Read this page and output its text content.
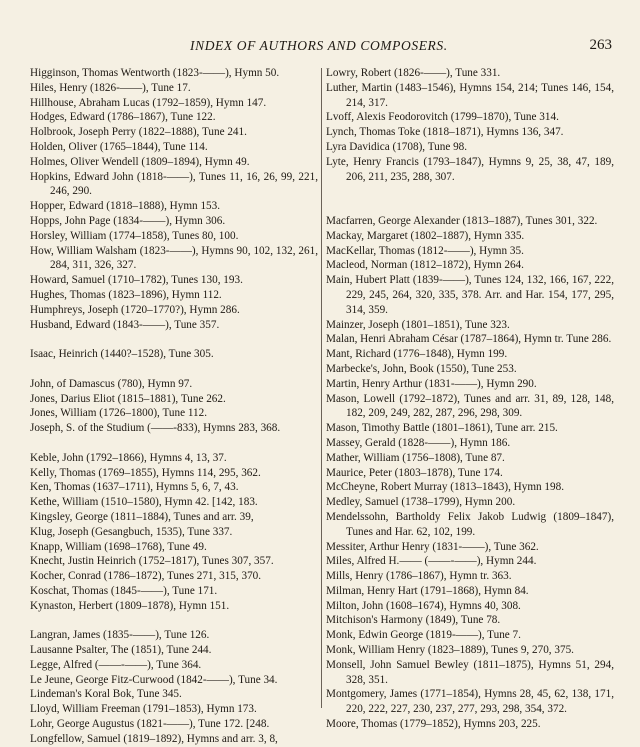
INDEX OF AUTHORS AND COMPOSERS.	263
Higginson, Thomas Wentworth (1823-——), Hymn 50.
Hiles, Henry (1826-——), Tune 17.
Hillhouse, Abraham Lucas (1792–1859), Hymn 147.
Hodges, Edward (1786–1867), Tune 122.
Holbrook, Joseph Perry (1822–1888), Tune 241.
Holden, Oliver (1765–1844), Tune 114.
Holmes, Oliver Wendell (1809–1894), Hymn 49.
Hopkins, Edward John (1818-——), Tunes 11, 16, 26, 99, 221, 246, 290.
Hopper, Edward (1818–1888), Hymn 153.
Hopps, John Page (1834-——), Hymn 306.
Horsley, William (1774–1858), Tunes 80, 100.
How, William Walsham (1823-——), Hymns 90, 102, 132, 261, 284, 311, 326, 327.
Howard, Samuel (1710–1782), Tunes 130, 193.
Hughes, Thomas (1823–1896), Hymn 112.
Humphreys, Joseph (1720–1770?), Hymn 286.
Husband, Edward (1843-——), Tune 357.
Isaac, Heinrich (1440?–1528), Tune 305.
John, of Damascus (780), Hymn 97.
Jones, Darius Eliot (1815–1881), Tune 262.
Jones, William (1726–1800), Tune 112.
Joseph, S. of the Studium (——-833), Hymns 283, 368.
Keble, John (1792–1866), Hymns 4, 13, 37.
Kelly, Thomas (1769–1855), Hymns 114, 295, 362.
Ken, Thomas (1637–1711), Hymns 5, 6, 7, 43.
Kethe, William (1510–1580), Hymn 42. [142, 183.
Kingsley, George (1811–1884), Tunes and arr. 39,
Klug, Joseph (Gesangbuch, 1535), Tune 337.
Knapp, William (1698–1768), Tune 49.
Knecht, Justin Heinrich (1752–1817), Tunes 307, 357.
Kocher, Conrad (1786–1872), Tunes 271, 315, 370.
Koschat, Thomas (1845-——), Tune 171.
Kynaston, Herbert (1809–1878), Hymn 151.
Langran, James (1835-——), Tune 126.
Lausanne Psalter, The (1851), Tune 244.
Legge, Alfred (——-——), Tune 364.
Le Jeune, George Fitz-Curwood (1842-——), Tune 34.
Lindeman's Koral Bok, Tune 345.
Lloyd, William Freeman (1791–1853), Hymn 173.
Lohr, George Augustus (1821-——), Tune 172. [248.
Longfellow, Samuel (1819–1892), Hymns and arr. 3, 8,
Lowry, Robert (1826-——), Tune 331.
Luther, Martin (1483–1546), Hymns 154, 214; Tunes 146, 154, 214, 317.
Lvoff, Alexis Feodorovitch (1799–1870), Tune 314.
Lynch, Thomas Toke (1818–1871), Hymns 136, 347.
Lyra Davidica (1708), Tune 98.
Lyte, Henry Francis (1793–1847), Hymns 9, 25, 38, 47, 189, 206, 211, 235, 288, 307.
Macfarren, George Alexander (1813–1887), Tunes 301, 322.
Mackay, Margaret (1802–1887), Hymn 335.
MacKellar, Thomas (1812-——), Hymn 35.
Macleod, Norman (1812–1872), Hymn 264.
Main, Hubert Platt (1839-——), Tunes 124, 132, 166, 167, 222, 229, 245, 264, 320, 335, 378. Arr. and Har. 154, 177, 295, 314, 359.
Mainzer, Joseph (1801–1851), Tune 323.
Malan, Henri Abraham César (1787–1864), Hymn tr. Tune 286.
Mant, Richard (1776–1848), Hymn 199.
Marbecke's, John, Book (1550), Tune 253.
Martin, Henry Arthur (1831-——), Hymn 290.
Mason, Lowell (1792–1872), Tunes and arr. 31, 89, 128, 148, 182, 209, 249, 282, 287, 296, 298, 309.
Mason, Timothy Battle (1801–1861), Tune arr. 215.
Massey, Gerald (1828-——), Hymn 186.
Mather, William (1756–1808), Tune 87.
Maurice, Peter (1803–1878), Tune 174.
McCheyne, Robert Murray (1813–1843), Hymn 198.
Medley, Samuel (1738–1799), Hymn 200.
Mendelssohn, Bartholdy Felix Jakob Ludwig (1809–1847), Tunes and Har. 62, 102, 199.
Messiter, Arthur Henry (1831-——), Tune 362.
Miles, Alfred H.—— (——-——), Hymn 244.
Mills, Henry (1786–1867), Hymn tr. 363.
Milman, Henry Hart (1791–1868), Hymn 84.
Milton, John (1608–1674), Hymns 40, 308.
Mitchison's Harmony (1849), Tune 78.
Monk, Edwin George (1819-——), Tune 7.
Monk, William Henry (1823–1889), Tunes 9, 270, 375.
Monsell, John Samuel Bewley (1811–1875), Hymns 51, 294, 328, 351.
Montgomery, James (1771–1854), Hymns 28, 45, 62, 138, 171, 220, 222, 227, 230, 237, 277, 293, 298, 354, 372.
Moore, Thomas (1779–1852), Hymns 203, 225.
